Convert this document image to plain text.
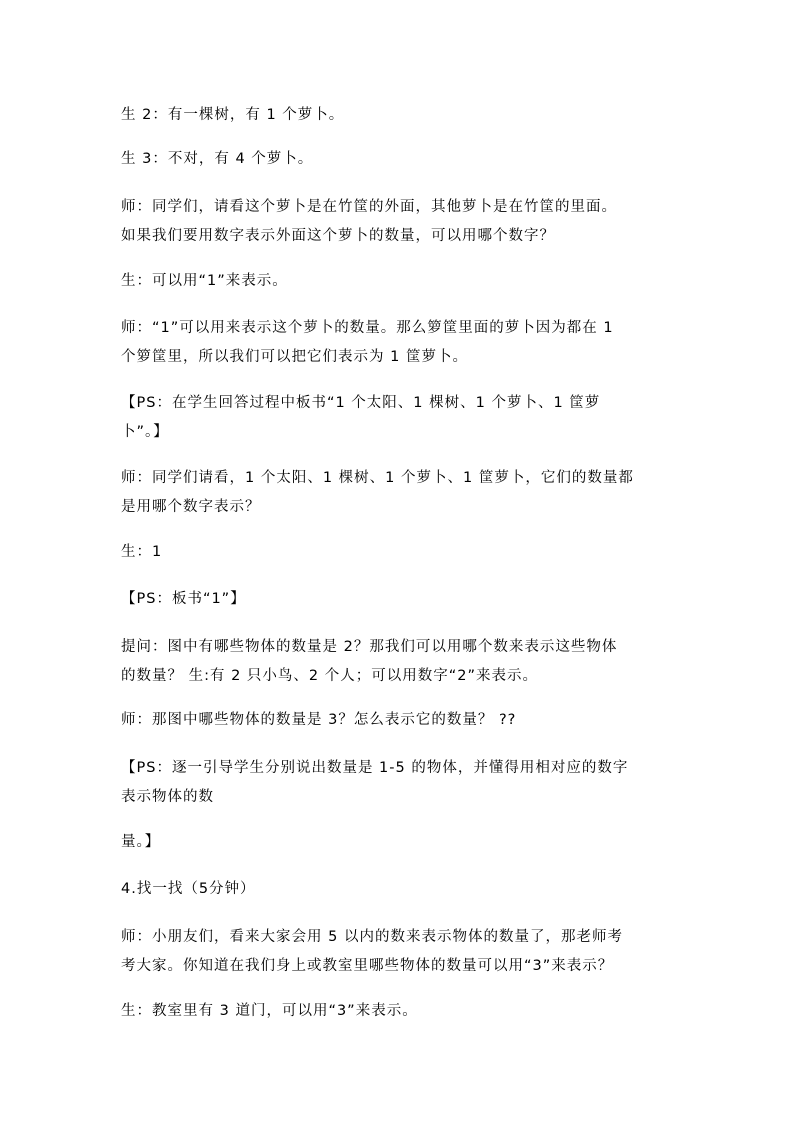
生 2：有一棵树，有 1 个萝卜。

生 3：不对，有 4 个萝卜。

师：同学们，请看这个萝卜是在竹筐的外面，其他萝卜是在竹筐的里面。
如果我们要用数字表示外面这个萝卜的数量，可以用哪个数字？

生：可以用“1”来表示。

师：“1”可以用来表示这个萝卜的数量。那么箩筐里面的萝卜因为都在 1
个箩筐里，所以我们可以把它们表示为 1 筐萝卜。

【PS：在学生回答过程中板书“1 个太阳、1 棵树、1 个萝卜、1 筐萝
卜”。】

师：同学们请看，1 个太阳、1 棵树、1 个萝卜、1 筐萝卜，它们的数量都
是用哪个数字表示？

生：1

【PS：板书“1”】

提问：图中有哪些物体的数量是 2？那我们可以用哪个数来表示这些物体
的数量？ 生:有 2 只小鸟、2 个人；可以用数字“2”来表示。

师：那图中哪些物体的数量是 3？怎么表示它的数量？ ??

【PS：逐一引导学生分别说出数量是 1-5 的物体，并懂得用相对应的数字
表示物体的数

量。】

4.找一找（5分钟）

师：小朋友们，看来大家会用 5 以内的数来表示物体的数量了，那老师考
考大家。你知道在我们身上或教室里哪些物体的数量可以用“3”来表示？

生：教室里有 3 道门，可以用“3”来表示。
